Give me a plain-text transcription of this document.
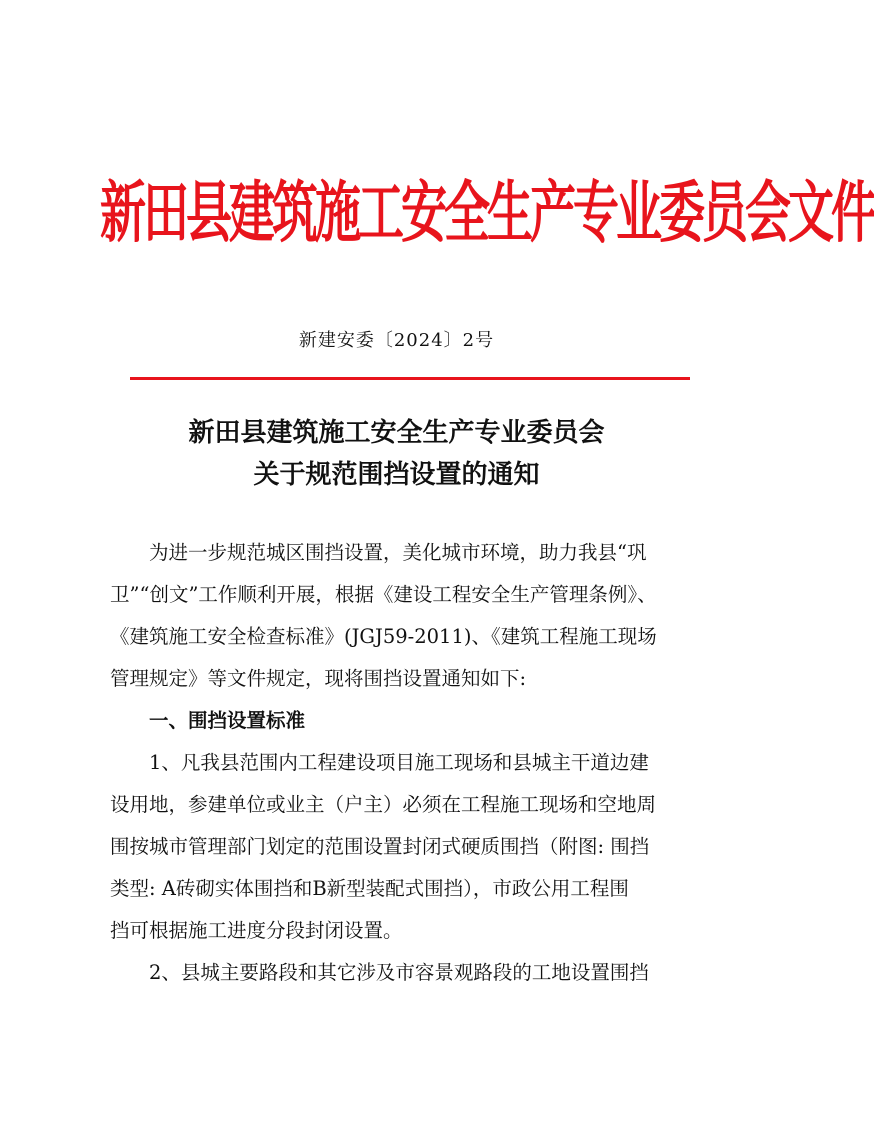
新田县建筑施工安全生产专业委员会文件
新建安委〔2024〕2号
新田县建筑施工安全生产专业委员会
关于规范围挡设置的通知

为进一步规范城区围挡设置，美化城市环境，助力我县“巩
卫”“创文”工作顺利开展，根据《建设工程安全生产管理条例》、
《建筑施工安全检查标准》(JGJ59-2011)、《建筑工程施工现场
管理规定》等文件规定，现将围挡设置通知如下:

一、围挡设置标准

1、凡我县范围内工程建设项目施工现场和县城主干道边建
设用地，参建单位或业主（户主）必须在工程施工现场和空地周
围按城市管理部门划定的范围设置封闭式硬质围挡（附图: 围挡
类型: A砖砌实体围挡和B新型装配式围挡），市政公用工程围
挡可根据施工进度分段封闭设置。

2、县城主要路段和其它涉及市容景观路段的工地设置围挡
